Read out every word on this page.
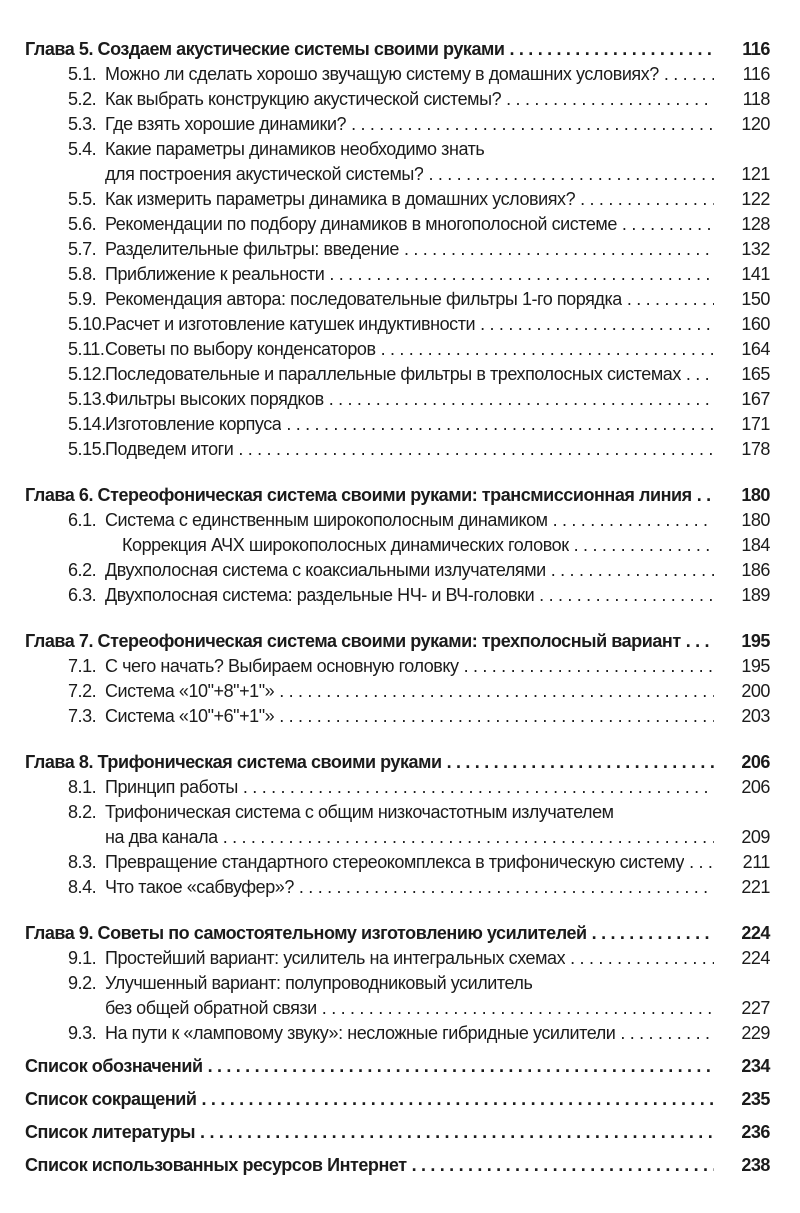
Глава 5. Создаем акустические системы своими руками .....	116
5.1. Можно ли сделать хорошо звучащую систему в домашних условиях? .....	116
5.2. Как выбрать конструкцию акустической системы? .....	118
5.3. Где взять хорошие динамики? .....	120
5.4. Какие параметры динамиков необходимо знать
для построения акустической системы? .....	121
5.5. Как измерить параметры динамика в домашних условиях? .....	122
5.6. Рекомендации по подбору динамиков в многополосной системе .....	128
5.7. Разделительные фильтры: введение .....	132
5.8. Приближение к реальности .....	141
5.9. Рекомендация автора: последовательные фильтры 1-го порядка .....	150
5.10. Расчет и изготовление катушек индуктивности .....	160
5.11. Советы по выбору конденсаторов .....	164
5.12. Последовательные и параллельные фильтры в трехполосных системах .....	165
5.13. Фильтры высоких порядков .....	167
5.14. Изготовление корпуса .....	171
5.15. Подведем итоги .....	178
Глава 6. Стереофоническая система своими руками: трансмиссионная линия .....	180
6.1. Система с единственным широкополосным динамиком .....	180
Коррекция АЧХ широкополосных динамических головок .....	184
6.2. Двухполосная система с коаксиальными излучателями .....	186
6.3. Двухполосная система: раздельные НЧ- и ВЧ-головки .....	189
Глава 7. Стереофоническая система своими руками: трехполосный вариант .....	195
7.1. С чего начать? Выбираем основную головку .....	195
7.2. Система «10"+8"+1"» .....	200
7.3. Система «10"+6"+1"» .....	203
Глава 8. Трифоническая система своими руками .....	206
8.1. Принцип работы .....	206
8.2. Трифоническая система с общим низкочастотным излучателем
на два канала .....	209
8.3. Превращение стандартного стереокомплекса в трифоническую систему .....	211
8.4. Что такое «сабвуфер»? .....	221
Глава 9. Советы по самостоятельному изготовлению усилителей .....	224
9.1. Простейший вариант: усилитель на интегральных схемах .....	224
9.2. Улучшенный вариант: полупроводниковый усилитель
без общей обратной связи .....	227
9.3. На пути к «ламповому звуку»: несложные гибридные усилители .....	229
Список обозначений .....	234
Список сокращений .....	235
Список литературы .....	236
Список использованных ресурсов Интернет .....	238
